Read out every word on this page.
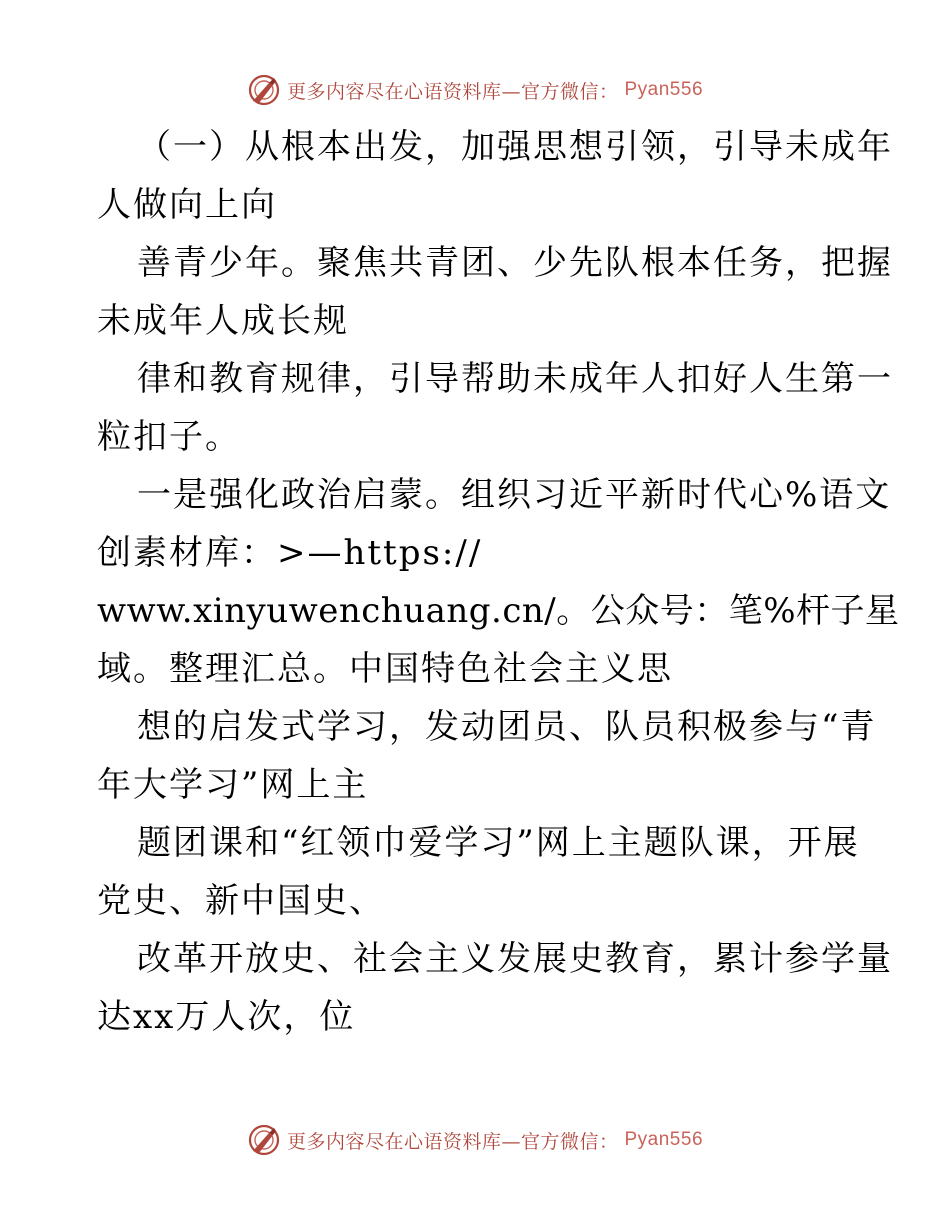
更多内容尽在心语资料库—官方微信： Pyan556
（一）从根本出发，加强思想引领，引导未成年
人做向上向
善青少年。聚焦共青团、少先队根本任务，把握
未成年人成长规
律和教育规律，引导帮助未成年人扣好人生第一
粒扣子。
一是强化政治启蒙。组织习近平新时代心%语文
创素材库：>—https://
www.xinyuwenchuang.cn/。公众号：笔%杆子星
域。整理汇总。中国特色社会主义思
想的启发式学习，发动团员、队员积极参与“青
年大学习”网上主
题团课和“红领巾爱学习”网上主题队课，开展
党史、新中国史、
改革开放史、社会主义发展史教育，累计参学量
达xx万人次，位
更多内容尽在心语资料库—官方微信： Pyan556
